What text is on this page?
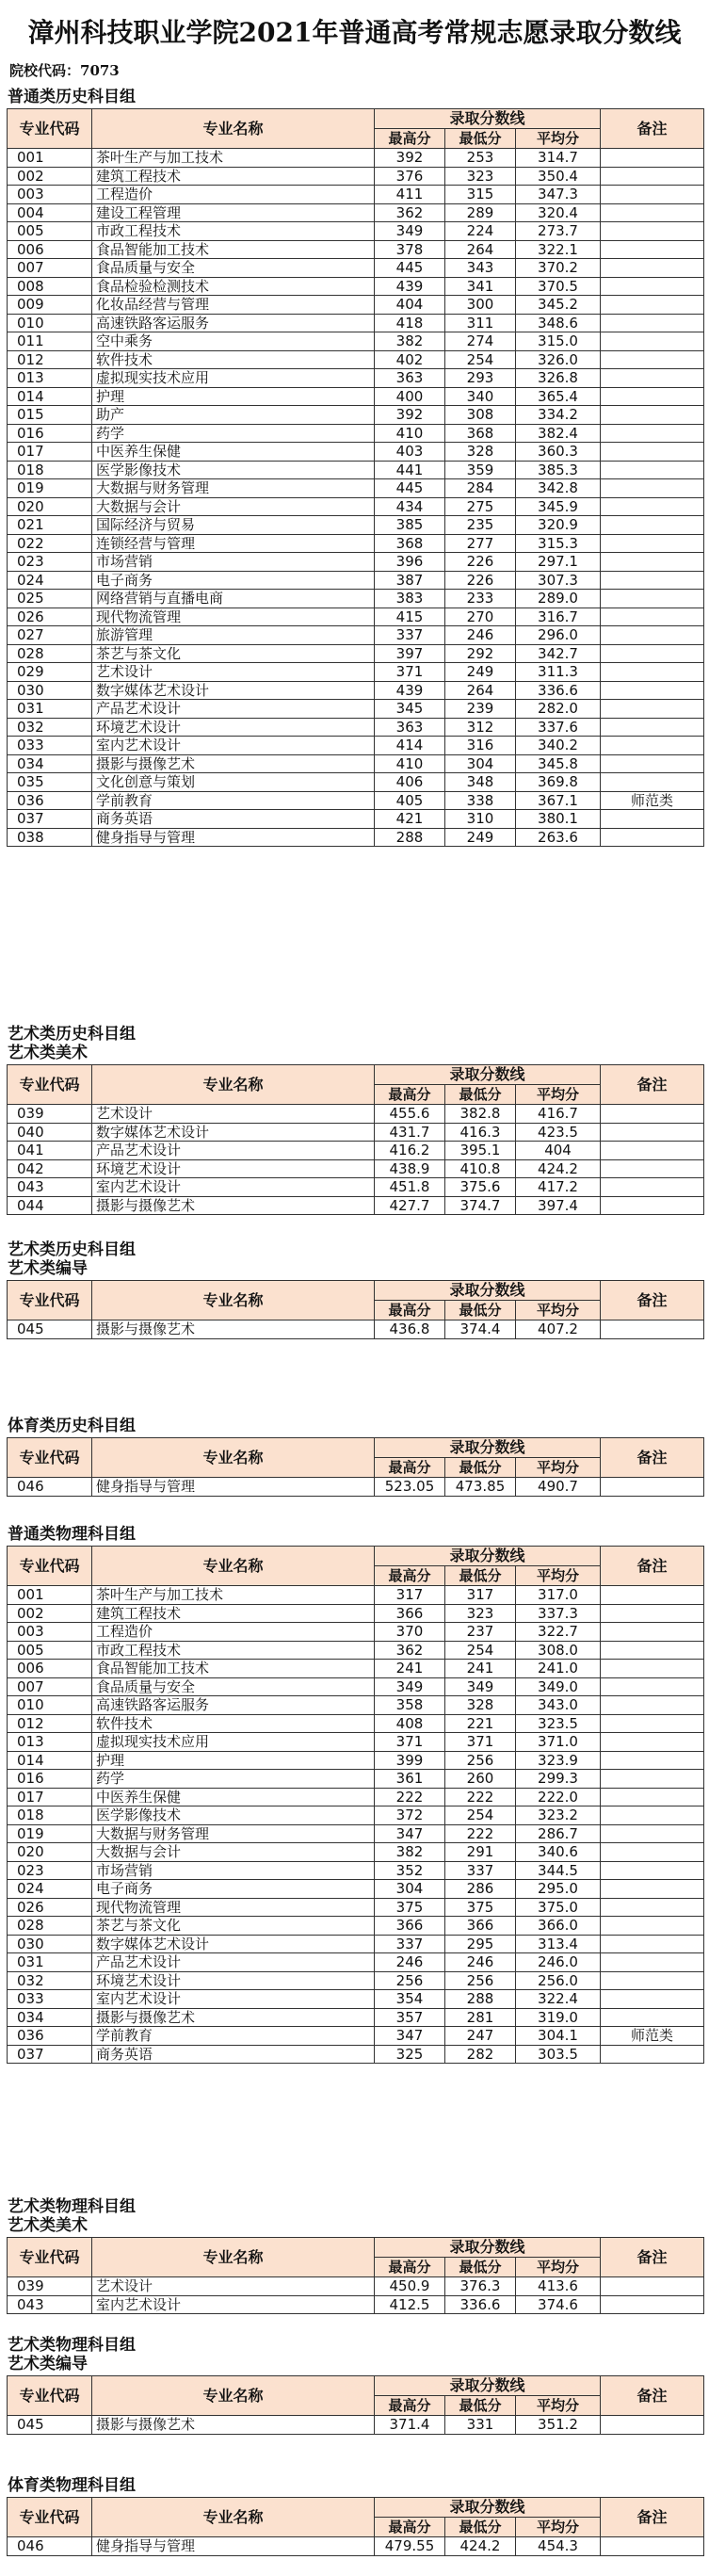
漳州科技职业学院2021年普通高考常规志愿录取分数线
院校代码：7073
普通类历史科目组
专业代码	专业名称	录取分数线			备注
		最高分	最低分	平均分	
001	茶叶生产与加工技术	392	253	314.7	
002	建筑工程技术	376	323	350.4	
003	工程造价	411	315	347.3	
004	建设工程管理	362	289	320.4	
005	市政工程技术	349	224	273.7	
006	食品智能加工技术	378	264	322.1	
007	食品质量与安全	445	343	370.2	
008	食品检验检测技术	439	341	370.5	
009	化妆品经营与管理	404	300	345.2	
010	高速铁路客运服务	418	311	348.6	
011	空中乘务	382	274	315.0	
012	软件技术	402	254	326.0	
013	虚拟现实技术应用	363	293	326.8	
014	护理	400	340	365.4	
015	助产	392	308	334.2	
016	药学	410	368	382.4	
017	中医养生保健	403	328	360.3	
018	医学影像技术	441	359	385.3	
019	大数据与财务管理	445	284	342.8	
020	大数据与会计	434	275	345.9	
021	国际经济与贸易	385	235	320.9	
022	连锁经营与管理	368	277	315.3	
023	市场营销	396	226	297.1	
024	电子商务	387	226	307.3	
025	网络营销与直播电商	383	233	289.0	
026	现代物流管理	415	270	316.7	
027	旅游管理	337	246	296.0	
028	茶艺与茶文化	397	292	342.7	
029	艺术设计	371	249	311.3	
030	数字媒体艺术设计	439	264	336.6	
031	产品艺术设计	345	239	282.0	
032	环境艺术设计	363	312	337.6	
033	室内艺术设计	414	316	340.2	
034	摄影与摄像艺术	410	304	345.8	
035	文化创意与策划	406	348	369.8	
036	学前教育	405	338	367.1	师范类
037	商务英语	421	310	380.1	
038	健身指导与管理	288	249	263.6	
艺术类历史科目组
艺术类美术
专业代码	专业名称	录取分数线			备注
		最高分	最低分	平均分	
039	艺术设计	455.6	382.8	416.7	
040	数字媒体艺术设计	431.7	416.3	423.5	
041	产品艺术设计	416.2	395.1	404	
042	环境艺术设计	438.9	410.8	424.2	
043	室内艺术设计	451.8	375.6	417.2	
044	摄影与摄像艺术	427.7	374.7	397.4	
艺术类历史科目组
艺术类编导
专业代码	专业名称	录取分数线			备注
		最高分	最低分	平均分	
045	摄影与摄像艺术	436.8	374.4	407.2	
体育类历史科目组
专业代码	专业名称	录取分数线			备注
		最高分	最低分	平均分	
046	健身指导与管理	523.05	473.85	490.7	
普通类物理科目组
专业代码	专业名称	录取分数线			备注
		最高分	最低分	平均分	
001	茶叶生产与加工技术	317	317	317.0	
002	建筑工程技术	366	323	337.3	
003	工程造价	370	237	322.7	
005	市政工程技术	362	254	308.0	
006	食品智能加工技术	241	241	241.0	
007	食品质量与安全	349	349	349.0	
010	高速铁路客运服务	358	328	343.0	
012	软件技术	408	221	323.5	
013	虚拟现实技术应用	371	371	371.0	
014	护理	399	256	323.9	
016	药学	361	260	299.3	
017	中医养生保健	222	222	222.0	
018	医学影像技术	372	254	323.2	
019	大数据与财务管理	347	222	286.7	
020	大数据与会计	382	291	340.6	
023	市场营销	352	337	344.5	
024	电子商务	304	286	295.0	
026	现代物流管理	375	375	375.0	
028	茶艺与茶文化	366	366	366.0	
030	数字媒体艺术设计	337	295	313.4	
031	产品艺术设计	246	246	246.0	
032	环境艺术设计	256	256	256.0	
033	室内艺术设计	354	288	322.4	
034	摄影与摄像艺术	357	281	319.0	
036	学前教育	347	247	304.1	师范类
037	商务英语	325	282	303.5	
艺术类物理科目组
艺术类美术
专业代码	专业名称	录取分数线			备注
		最高分	最低分	平均分	
039	艺术设计	450.9	376.3	413.6	
043	室内艺术设计	412.5	336.6	374.6	
艺术类物理科目组
艺术类编导
专业代码	专业名称	录取分数线			备注
		最高分	最低分	平均分	
045	摄影与摄像艺术	371.4	331	351.2	
体育类物理科目组
专业代码	专业名称	录取分数线			备注
		最高分	最低分	平均分	
046	健身指导与管理	479.55	424.2	454.3	
